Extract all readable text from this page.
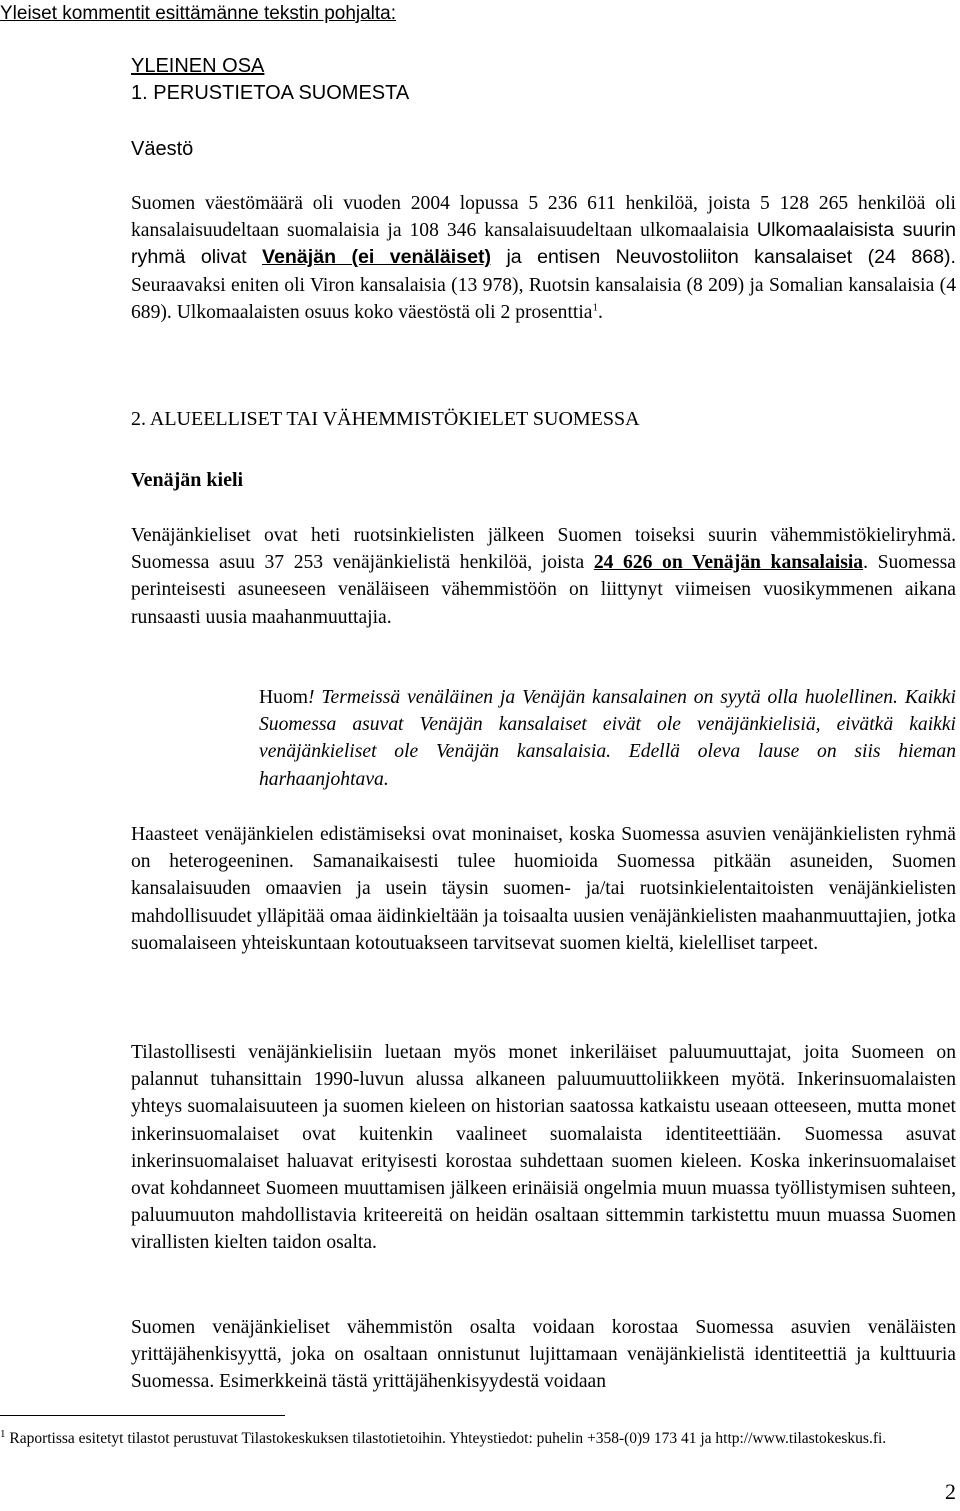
Yleiset kommentit esittämänne tekstin pohjalta:
YLEINEN OSA
1. PERUSTIETOA SUOMESTA
Väestö
Suomen väestömäärä oli vuoden 2004 lopussa 5 236 611 henkilöä, joista 5 128 265 henkilöä oli kansalaisuudeltaan suomalaisia ja 108 346 kansalaisuudeltaan ulkomaalaisia Ulkomaalaisista suurin ryhmä olivat Venäjän (ei venäläiset) ja entisen Neuvostoliiton kansalaiset (24 868). Seuraavaksi eniten oli Viron kansalaisia (13 978), Ruotsin kansalaisia (8 209) ja Somalian kansalaisia (4 689). Ulkomaalaisten osuus koko väestöstä oli 2 prosenttia$^1$.
2. ALUEELLISET TAI VÄHEMMISTÖKIELET SUOMESSA
Venäjän kieli
Venäjänkieliset ovat heti ruotsinkielisten jälkeen Suomen toiseksi suurin vähemmistökieliryhmä. Suomessa asuu 37 253 venäjänkielistä henkilöä, joista 24 626 on Venäjän kansalaisia. Suomessa perinteisesti asuneeseen venäläiseen vähemmistöön on liittynyt viimeisen vuosikymmenen aikana runsaasti uusia maahanmuuttajia.
Huom! Termeissä venäläinen ja Venäjän kansalainen on syytä olla huolellinen. Kaikki Suomessa asuvat Venäjän kansalaiset eivät ole venäjänkielisiä, eivätkä kaikki venäjänkieliset ole Venäjän kansalaisia. Edellä oleva lause on siis hieman harhaanjohtava.
Haasteet venäjänkielen edistämiseksi ovat moninaiset, koska Suomessa asuvien venäjänkielisten ryhmä on heterogeeninen. Samanaikaisesti tulee huomioida Suomessa pitkään asuneiden, Suomen kansalaisuuden omaavien ja usein täysin suomen- ja/tai ruotsinkielentaitoisten venäjänkielisten mahdollisuudet ylläpitää omaa äidinkieltään ja toisaalta uusien venäjänkielisten maahanmuuttajien, jotka suomalaiseen yhteiskuntaan kotoutuakseen tarvitsevat suomen kieltä, kielelliset tarpeet.
Tilastollisesti venäjänkielisiin luetaan myös monet inkeriläiset paluumuuttajat, joita Suomeen on palannut tuhansittain 1990-luvun alussa alkaneen paluumuuttoliikkeen myötä. Inkerinsuomalaisten yhteys suomalaisuuteen ja suomen kieleen on historian saatossa katkaistu useaan otteeseen, mutta monet inkerinsuomalaiset ovat kuitenkin vaalineet suomalaista identiteettiään. Suomessa asuvat inkerinsuomalaiset haluavat erityisesti korostaa suhdettaan suomen kieleen. Koska inkerinsuomalaiset ovat kohdanneet Suomeen muuttamisen jälkeen erinäisiä ongelmia muun muassa työllistymisen suhteen, paluumuuton mahdollistavia kriteereitä on heidän osaltaan sittemmin tarkistettu muun muassa Suomen virallisten kielten taidon osalta.
Suomen venäjänkieliset vähemmistön osalta voidaan korostaa Suomessa asuvien venäläisten yrittäjähenkisyyttä, joka on osaltaan onnistunut lujittamaan venäjänkielistä identiteettiä ja kulttuuria Suomessa. Esimerkkeinä tästä yrittäjähenkisyydestä voidaan
$^1$ Raportissa esitetyt tilastot perustuvat Tilastokeskuksen tilastotietoihin. Yhteystiedot: puhelin +358-(0)9 173 41 ja http://www.tilastokeskus.fi.
2
